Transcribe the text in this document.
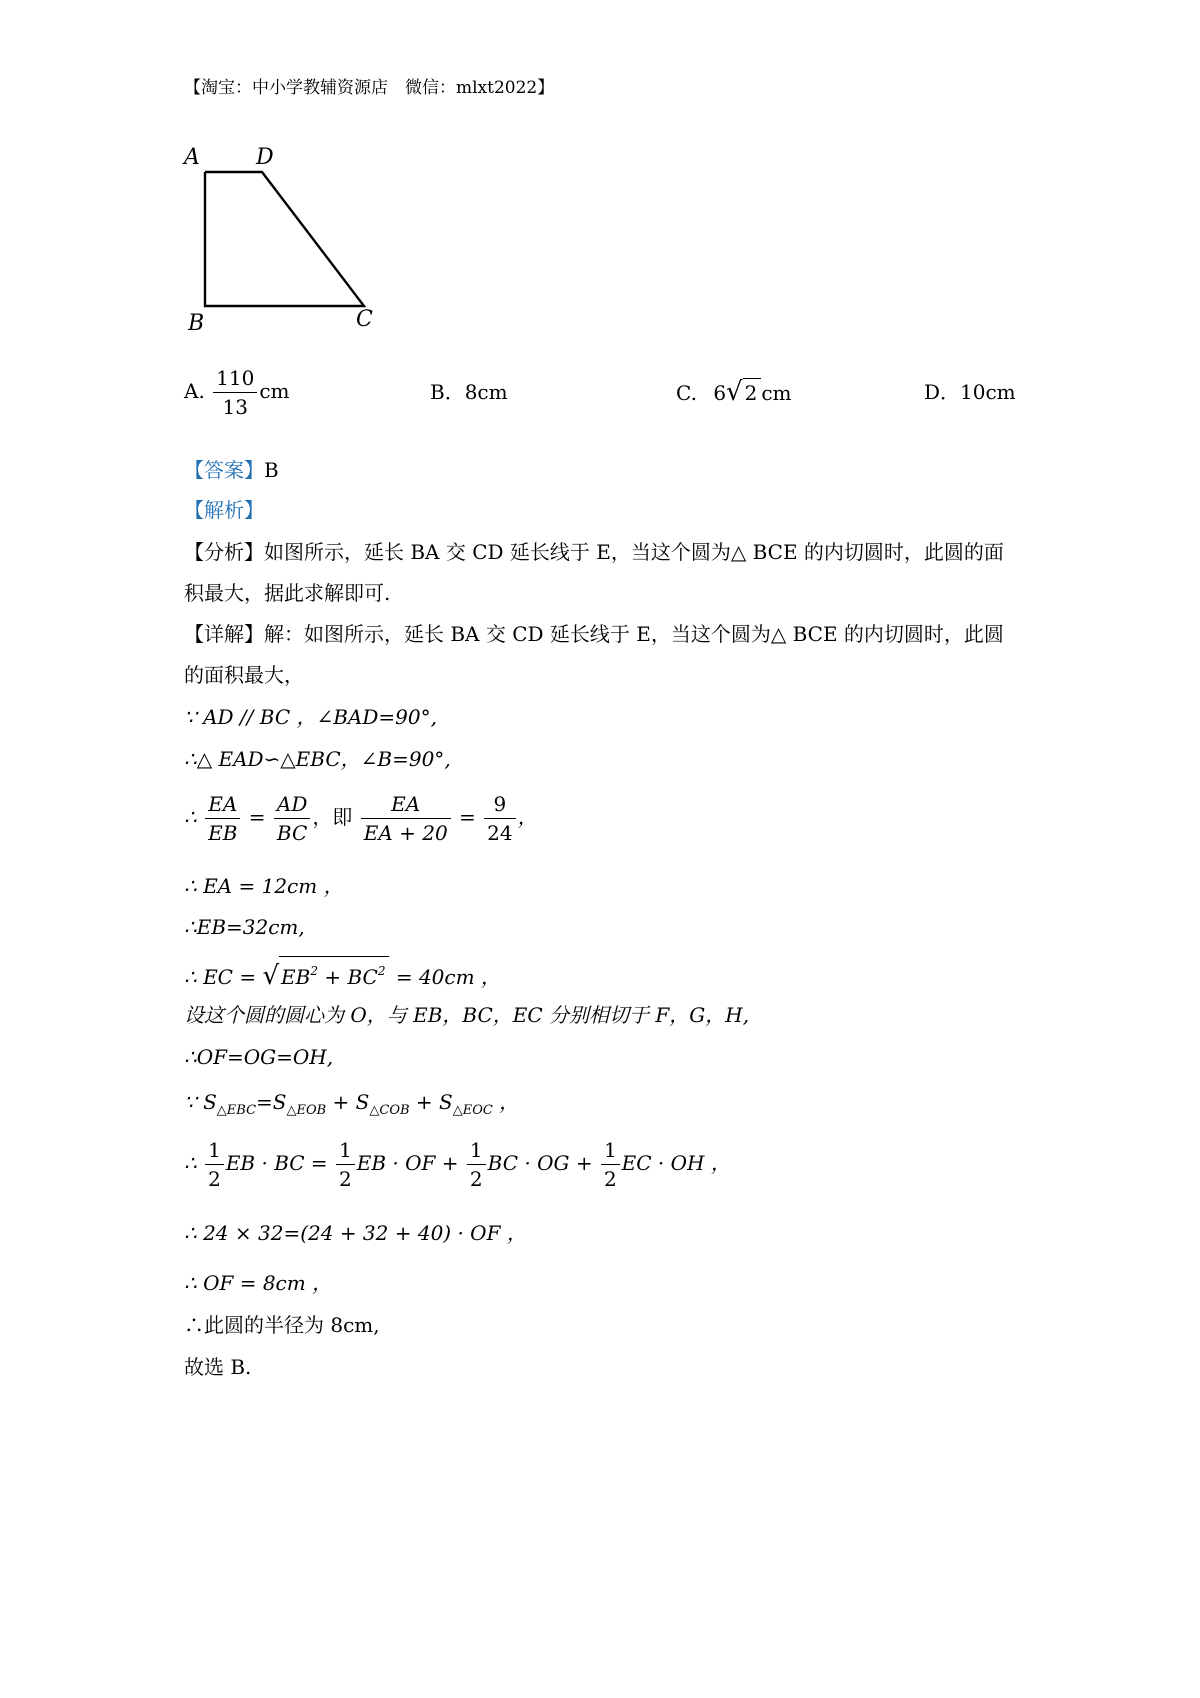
【淘宝：中小学教辅资源店　微信：mlxt2022】
A	D
B	C
A. $\frac{110}{13}$ cm	B．8cm	C. 6√ 2 cm	D．10cm
【答案】B
【解析】
【分析】如图所示，延长 BA 交 CD 延长线于 E，当这个圆为△ BCE 的内切圆时，此圆的面
积最大，据此求解即可.
【详解】解：如图所示，延长 BA 交 CD 延长线于 E，当这个圆为△ BCE 的内切圆时，此圆
的面积最大，
∵ AD // BC ，∠BAD=90°,
∴△ EAD∽△EBC，∠B=90°,
∴ $\frac{EA}{EB} = \frac{AD}{BC}$ ，即 $\frac{EA}{EA + 20} = \frac{9}{24}$ ，
∴ EA = 12cm ，
∴EB=32cm,
∴ EC = √ $EB^2 + BC^2 = 40cm$ ，
设这个圆的圆心为 O，与 EB，BC，EC 分别相切于 F，G，H,
∴OF=OG=OH,
∵ $S_{\triangle EBC}=S_{\triangle EOB} + S_{\triangle COB} + S_{\triangle EOC}$ ，
∴ $\frac{1}{2}$ EB · BC = $\frac{1}{2}$ EB · OF + $\frac{1}{2}$ BC · OG + $\frac{1}{2}$ EC · OH ，
∴ 24 × 32=(24 + 32 + 40) · OF ，
∴ OF = 8cm ，
∴此圆的半径为 8cm,
故选 B.
